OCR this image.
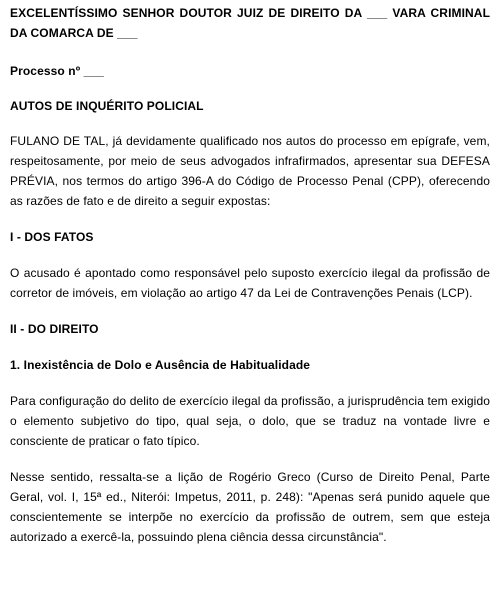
EXCELENTÍSSIMO SENHOR DOUTOR JUIZ DE DIREITO DA ___ VARA CRIMINAL DA COMARCA DE ___

Processo nº ___

AUTOS DE INQUÉRITO POLICIAL

FULANO DE TAL, já devidamente qualificado nos autos do processo em epígrafe, vem, respeitosamente, por meio de seus advogados infrafirmados, apresentar sua DEFESA PRÉVIA, nos termos do artigo 396-A do Código de Processo Penal (CPP), oferecendo as razões de fato e de direito a seguir expostas:

I - DOS FATOS

O acusado é apontado como responsável pelo suposto exercício ilegal da profissão de corretor de imóveis, em violação ao artigo 47 da Lei de Contravenções Penais (LCP).

II - DO DIREITO

1. Inexistência de Dolo e Ausência de Habitualidade

Para configuração do delito de exercício ilegal da profissão, a jurisprudência tem exigido o elemento subjetivo do tipo, qual seja, o dolo, que se traduz na vontade livre e consciente de praticar o fato típico.

Nesse sentido, ressalta-se a lição de Rogério Greco (Curso de Direito Penal, Parte Geral, vol. I, 15ª ed., Niterói: Impetus, 2011, p. 248): "Apenas será punido aquele que conscientemente se interpõe no exercício da profissão de outrem, sem que esteja autorizado a exercê-la, possuindo plena ciência dessa circunstância".
